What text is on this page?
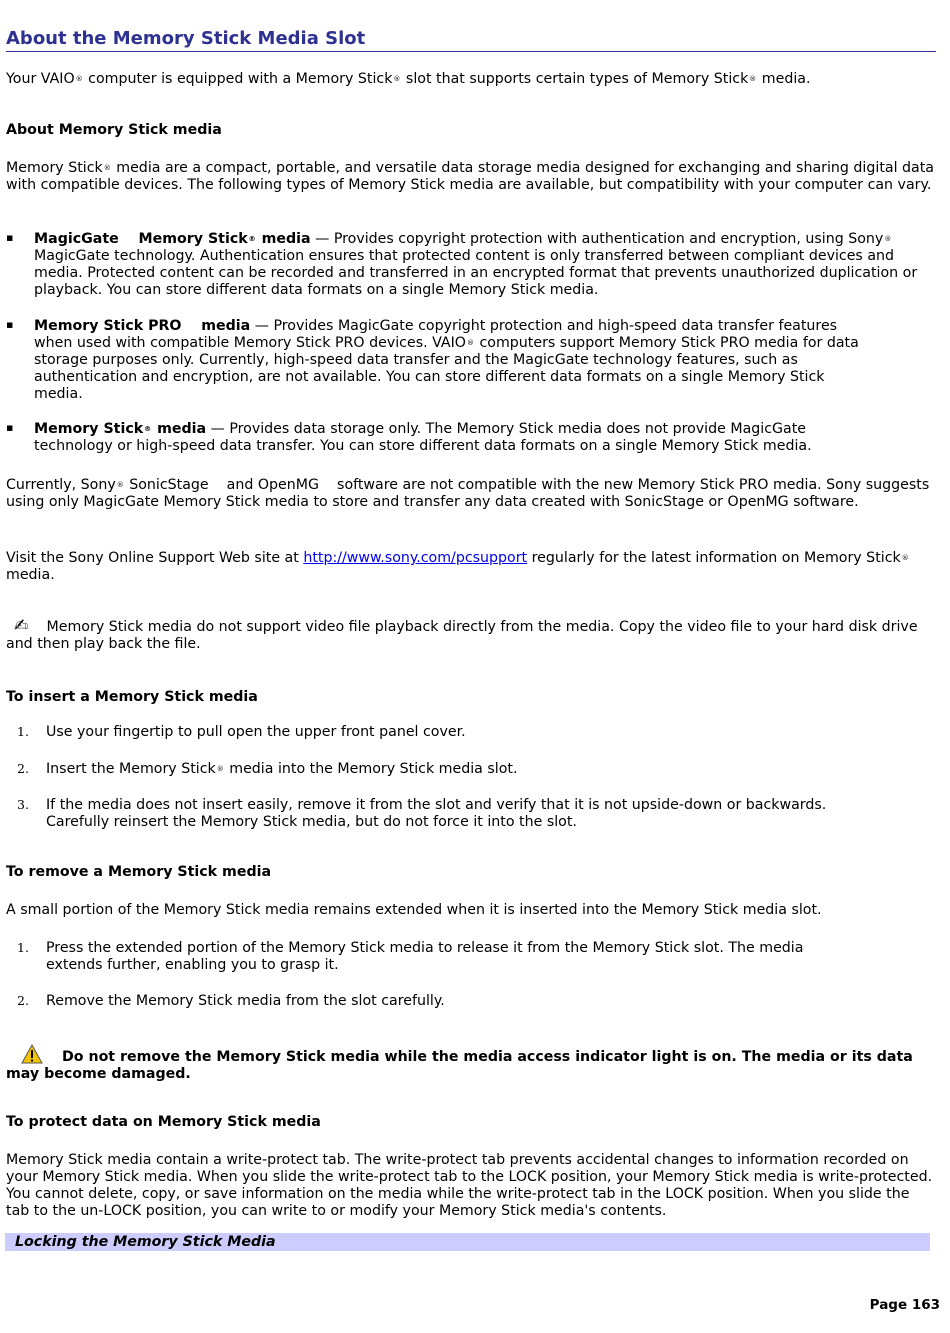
About the Memory Stick Media Slot

Your VAIO® computer is equipped with a Memory Stick® slot that supports certain types of Memory Stick® media.

About Memory Stick media

Memory Stick® media are a compact, portable, and versatile data storage media designed for exchanging and sharing digital data with compatible devices. The following types of Memory Stick media are available, but compatibility with your computer can vary.

▪ MagicGate    Memory Stick® media — Provides copyright protection with authentication and encryption, using Sony® MagicGate technology. Authentication ensures that protected content is only transferred between compliant devices and media. Protected content can be recorded and transferred in an encrypted format that prevents unauthorized duplication or playback. You can store different data formats on a single Memory Stick media.
▪ Memory Stick PRO    media — Provides MagicGate copyright protection and high-speed data transfer features when used with compatible Memory Stick PRO devices. VAIO® computers support Memory Stick PRO media for data storage purposes only. Currently, high-speed data transfer and the MagicGate technology features, such as authentication and encryption, are not available. You can store different data formats on a single Memory Stick media.
▪ Memory Stick® media — Provides data storage only. The Memory Stick media does not provide MagicGate technology or high-speed data transfer. You can store different data formats on a single Memory Stick media.

Currently, Sony® SonicStage    and OpenMG    software are not compatible with the new Memory Stick PRO media. Sony suggests using only MagicGate Memory Stick media to store and transfer any data created with SonicStage or OpenMG software.

Visit the Sony Online Support Web site at http://www.sony.com/pcsupport regularly for the latest information on Memory Stick® media.

✍ Memory Stick media do not support video file playback directly from the media. Copy the video file to your hard disk drive and then play back the file.

To insert a Memory Stick media

1. Use your fingertip to pull open the upper front panel cover.
2. Insert the Memory Stick® media into the Memory Stick media slot.
3. If the media does not insert easily, remove it from the slot and verify that it is not upside-down or backwards. Carefully reinsert the Memory Stick media, but do not force it into the slot.

To remove a Memory Stick media

A small portion of the Memory Stick media remains extended when it is inserted into the Memory Stick media slot.

1. Press the extended portion of the Memory Stick media to release it from the Memory Stick slot. The media extends further, enabling you to grasp it.
2. Remove the Memory Stick media from the slot carefully.

Do not remove the Memory Stick media while the media access indicator light is on. The media or its data may become damaged.

To protect data on Memory Stick media

Memory Stick media contain a write-protect tab. The write-protect tab prevents accidental changes to information recorded on your Memory Stick media. When you slide the write-protect tab to the LOCK position, your Memory Stick media is write-protected. You cannot delete, copy, or save information on the media while the write-protect tab in the LOCK position. When you slide the tab to the un-LOCK position, you can write to or modify your Memory Stick media's contents.

Locking the Memory Stick Media
Page 163
